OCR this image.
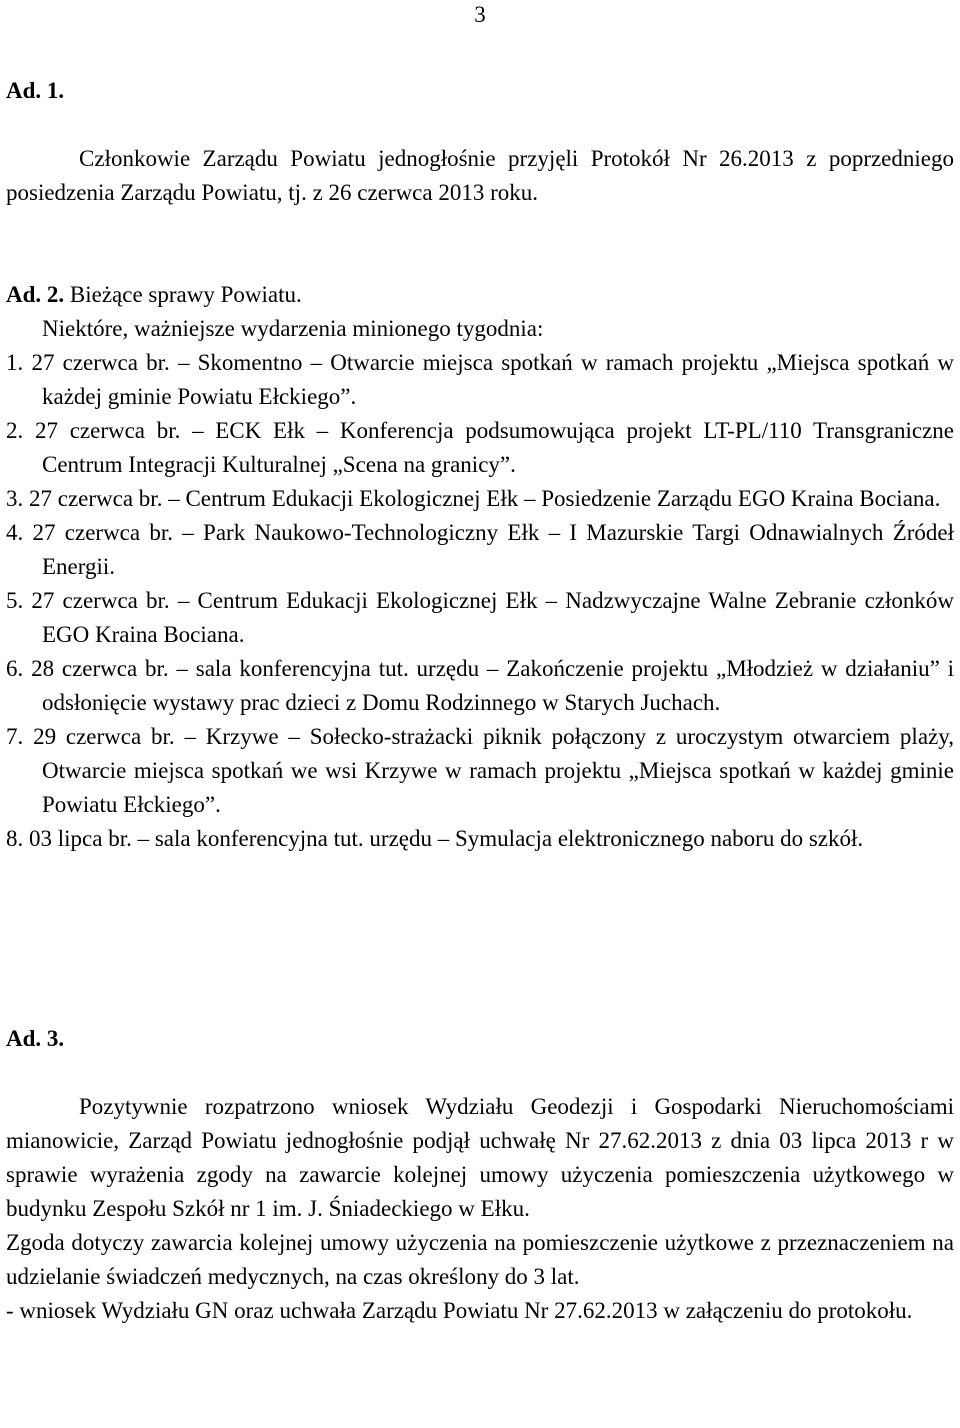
3

Ad. 1.

Członkowie Zarządu Powiatu jednogłośnie przyjęli Protokół Nr 26.2013 z poprzedniego posiedzenia Zarządu Powiatu, tj. z 26 czerwca 2013 roku.

Ad. 2. Bieżące sprawy Powiatu.

Niektóre, ważniejsze wydarzenia minionego tygodnia:

1. 27 czerwca br. – Skomentno – Otwarcie miejsca spotkań w ramach projektu „Miejsca spotkań w każdej gminie Powiatu Ełckiego”.

2. 27 czerwca br. – ECK Ełk – Konferencja podsumowująca projekt LT-PL/110 Transgraniczne Centrum Integracji Kulturalnej „Scena na granicy”.

3. 27 czerwca br. – Centrum Edukacji Ekologicznej Ełk – Posiedzenie Zarządu EGO Kraina Bociana.

4. 27 czerwca br. – Park Naukowo-Technologiczny Ełk – I Mazurskie Targi Odnawialnych Źródeł Energii.

5. 27 czerwca br. – Centrum Edukacji Ekologicznej Ełk – Nadzwyczajne Walne Zebranie członków EGO Kraina Bociana.

6. 28 czerwca br. – sala konferencyjna tut. urzędu – Zakończenie projektu „Młodzież w działaniu” i odsłonięcie wystawy prac dzieci z Domu Rodzinnego w Starych Juchach.

7. 29 czerwca br. – Krzywe – Sołecko-strażacki piknik połączony z uroczystym otwarciem plaży, Otwarcie miejsca spotkań we wsi Krzywe w ramach projektu „Miejsca spotkań w każdej gminie Powiatu Ełckiego”.

8. 03 lipca br. – sala konferencyjna tut. urzędu – Symulacja elektronicznego naboru do szkół.

Ad. 3.

Pozytywnie rozpatrzono wniosek Wydziału Geodezji i Gospodarki Nieruchomościami mianowicie, Zarząd Powiatu jednogłośnie podjął uchwałę Nr 27.62.2013 z dnia 03 lipca 2013 r w sprawie wyrażenia zgody na zawarcie kolejnej umowy użyczenia pomieszczenia użytkowego w budynku Zespołu Szkół nr 1 im. J. Śniadeckiego w Ełku.

Zgoda dotyczy zawarcia kolejnej umowy użyczenia na pomieszczenie użytkowe z przeznaczeniem na udzielanie świadczeń medycznych, na czas określony do 3 lat.

- wniosek Wydziału GN oraz uchwała Zarządu Powiatu Nr 27.62.2013 w załączeniu do protokołu.
